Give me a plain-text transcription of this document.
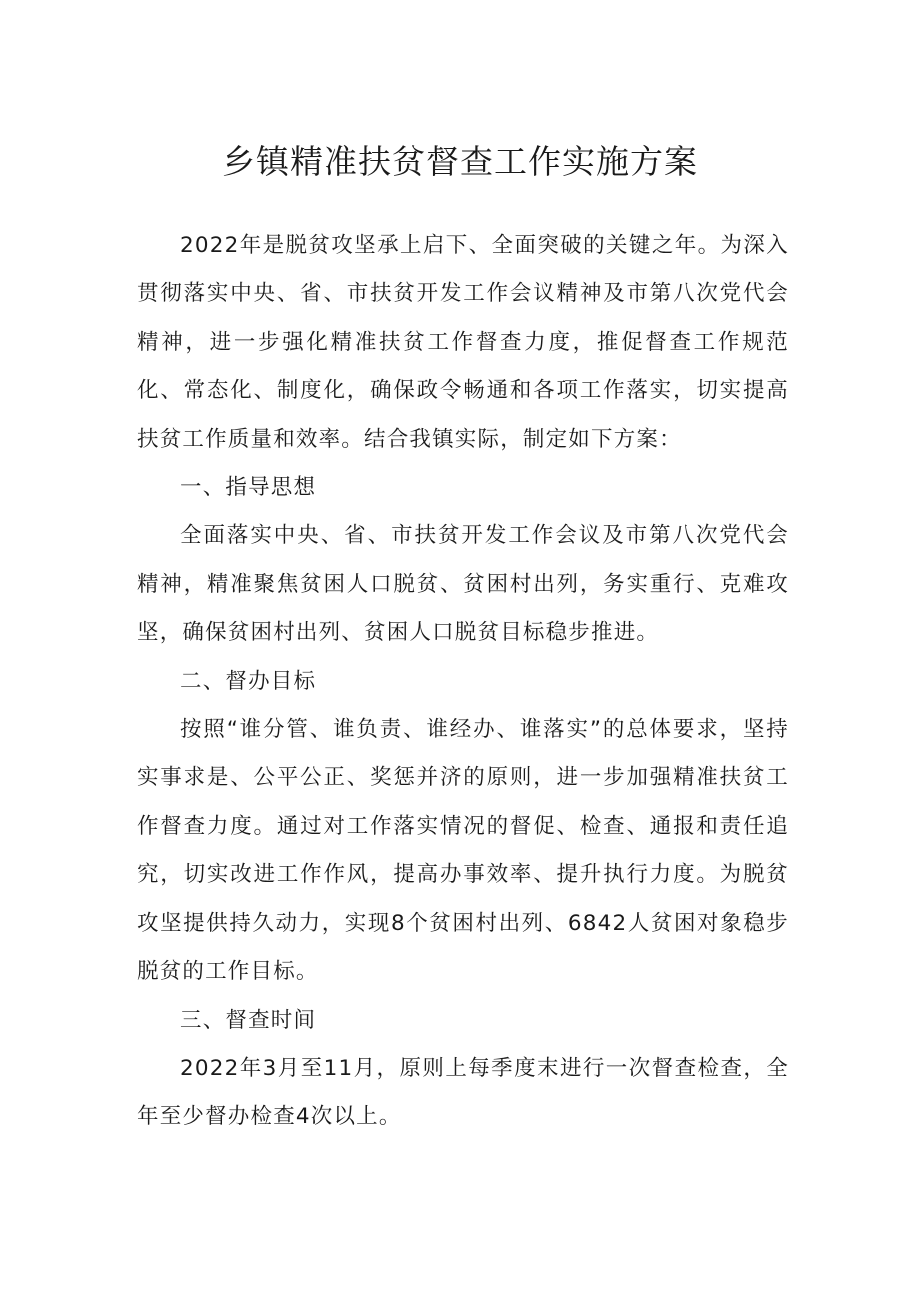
乡镇精准扶贫督查工作实施方案

2022年是脱贫攻坚承上启下、全面突破的关键之年。为深入贯彻落实中央、省、市扶贫开发工作会议精神及市第八次党代会精神，进一步强化精准扶贫工作督查力度，推促督查工作规范化、常态化、制度化，确保政令畅通和各项工作落实，切实提高扶贫工作质量和效率。结合我镇实际，制定如下方案：

一、指导思想

全面落实中央、省、市扶贫开发工作会议及市第八次党代会精神，精准聚焦贫困人口脱贫、贫困村出列，务实重行、克难攻坚，确保贫困村出列、贫困人口脱贫目标稳步推进。

二、督办目标

按照“谁分管、谁负责、谁经办、谁落实”的总体要求，坚持实事求是、公平公正、奖惩并济的原则，进一步加强精准扶贫工作督查力度。通过对工作落实情况的督促、检查、通报和责任追究，切实改进工作作风，提高办事效率、提升执行力度。为脱贫攻坚提供持久动力，实现8个贫困村出列、6842人贫困对象稳步脱贫的工作目标。

三、督查时间

2022年3月至11月，原则上每季度末进行一次督查检查，全年至少督办检查4次以上。
